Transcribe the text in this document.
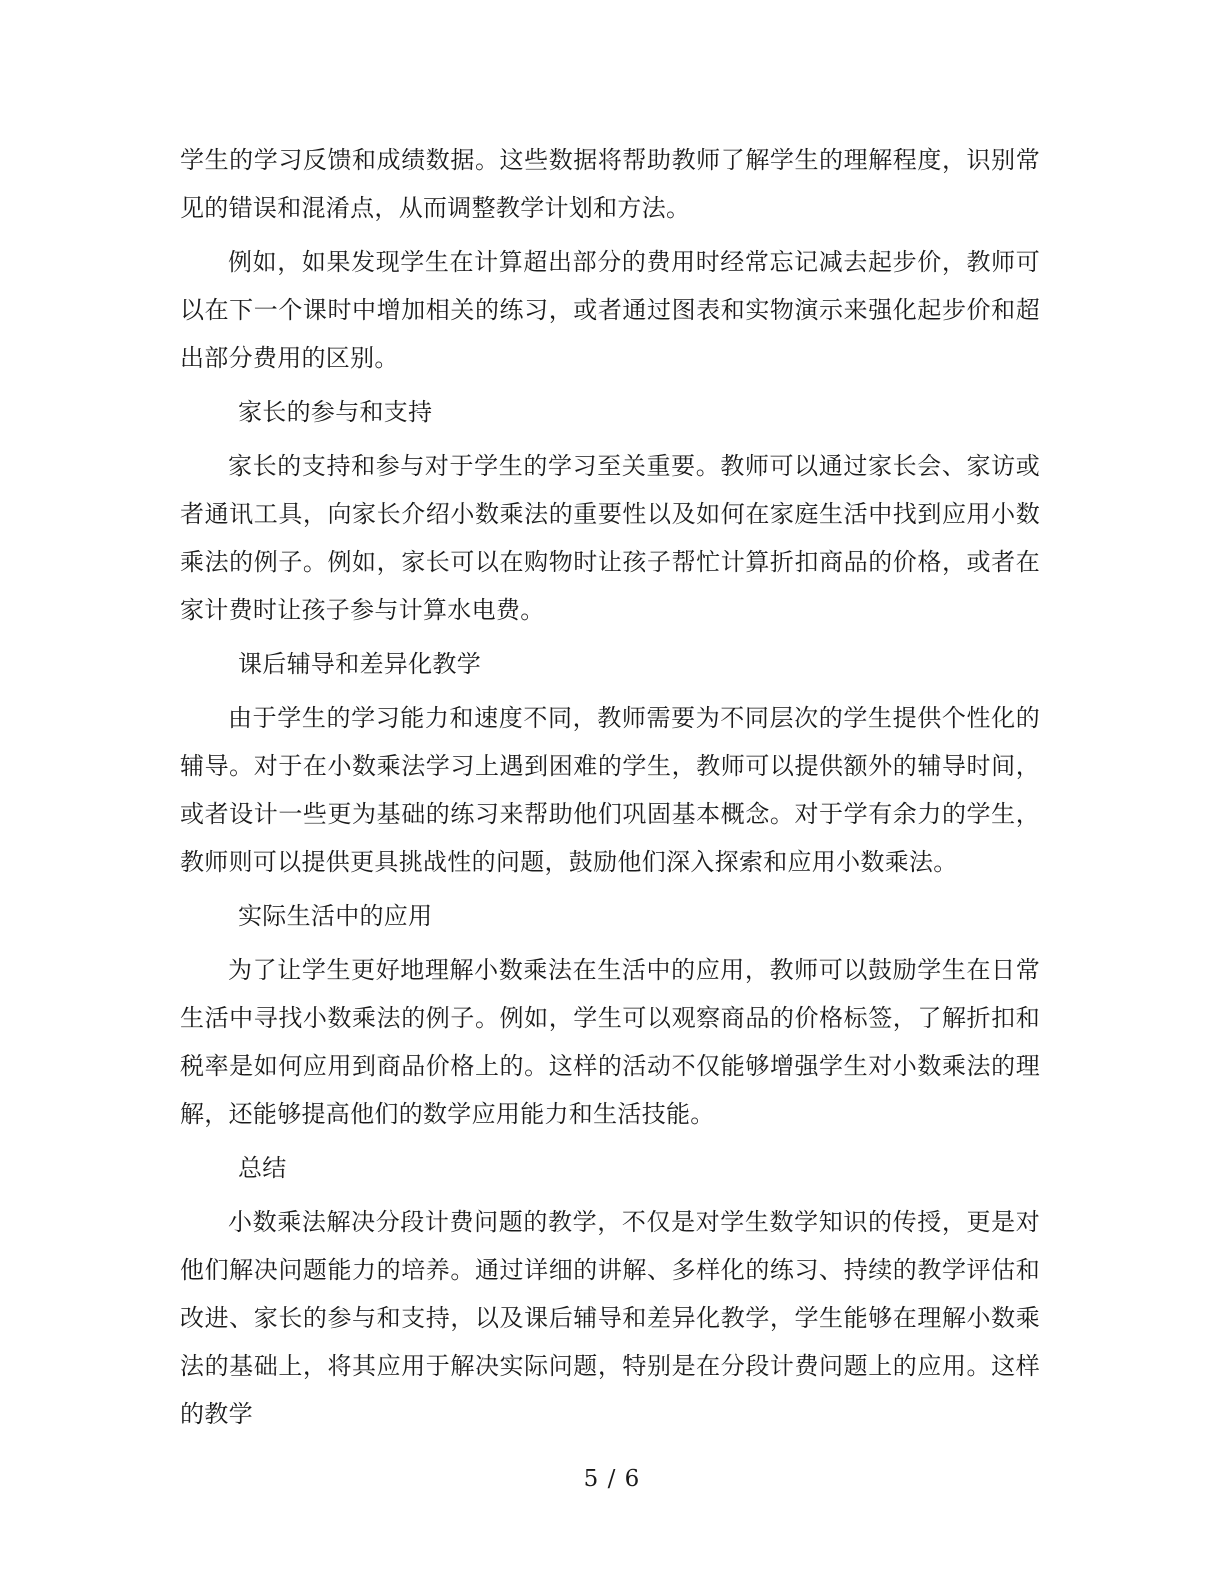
学生的学习反馈和成绩数据。这些数据将帮助教师了解学生的理解程度，识别常见的错误和混淆点，从而调整教学计划和方法。

例如，如果发现学生在计算超出部分的费用时经常忘记减去起步价，教师可以在下一个课时中增加相关的练习，或者通过图表和实物演示来强化起步价和超出部分费用的区别。

家长的参与和支持

家长的支持和参与对于学生的学习至关重要。教师可以通过家长会、家访或者通讯工具，向家长介绍小数乘法的重要性以及如何在家庭生活中找到应用小数乘法的例子。例如，家长可以在购物时让孩子帮忙计算折扣商品的价格，或者在家计费时让孩子参与计算水电费。

课后辅导和差异化教学

由于学生的学习能力和速度不同，教师需要为不同层次的学生提供个性化的辅导。对于在小数乘法学习上遇到困难的学生，教师可以提供额外的辅导时间，或者设计一些更为基础的练习来帮助他们巩固基本概念。对于学有余力的学生，教师则可以提供更具挑战性的问题，鼓励他们深入探索和应用小数乘法。

实际生活中的应用

为了让学生更好地理解小数乘法在生活中的应用，教师可以鼓励学生在日常生活中寻找小数乘法的例子。例如，学生可以观察商品的价格标签，了解折扣和税率是如何应用到商品价格上的。这样的活动不仅能够增强学生对小数乘法的理解，还能够提高他们的数学应用能力和生活技能。

总结

小数乘法解决分段计费问题的教学，不仅是对学生数学知识的传授，更是对他们解决问题能力的培养。通过详细的讲解、多样化的练习、持续的教学评估和改进、家长的参与和支持，以及课后辅导和差异化教学，学生能够在理解小数乘法的基础上，将其应用于解决实际问题，特别是在分段计费问题上的应用。这样的教学

5 / 6
